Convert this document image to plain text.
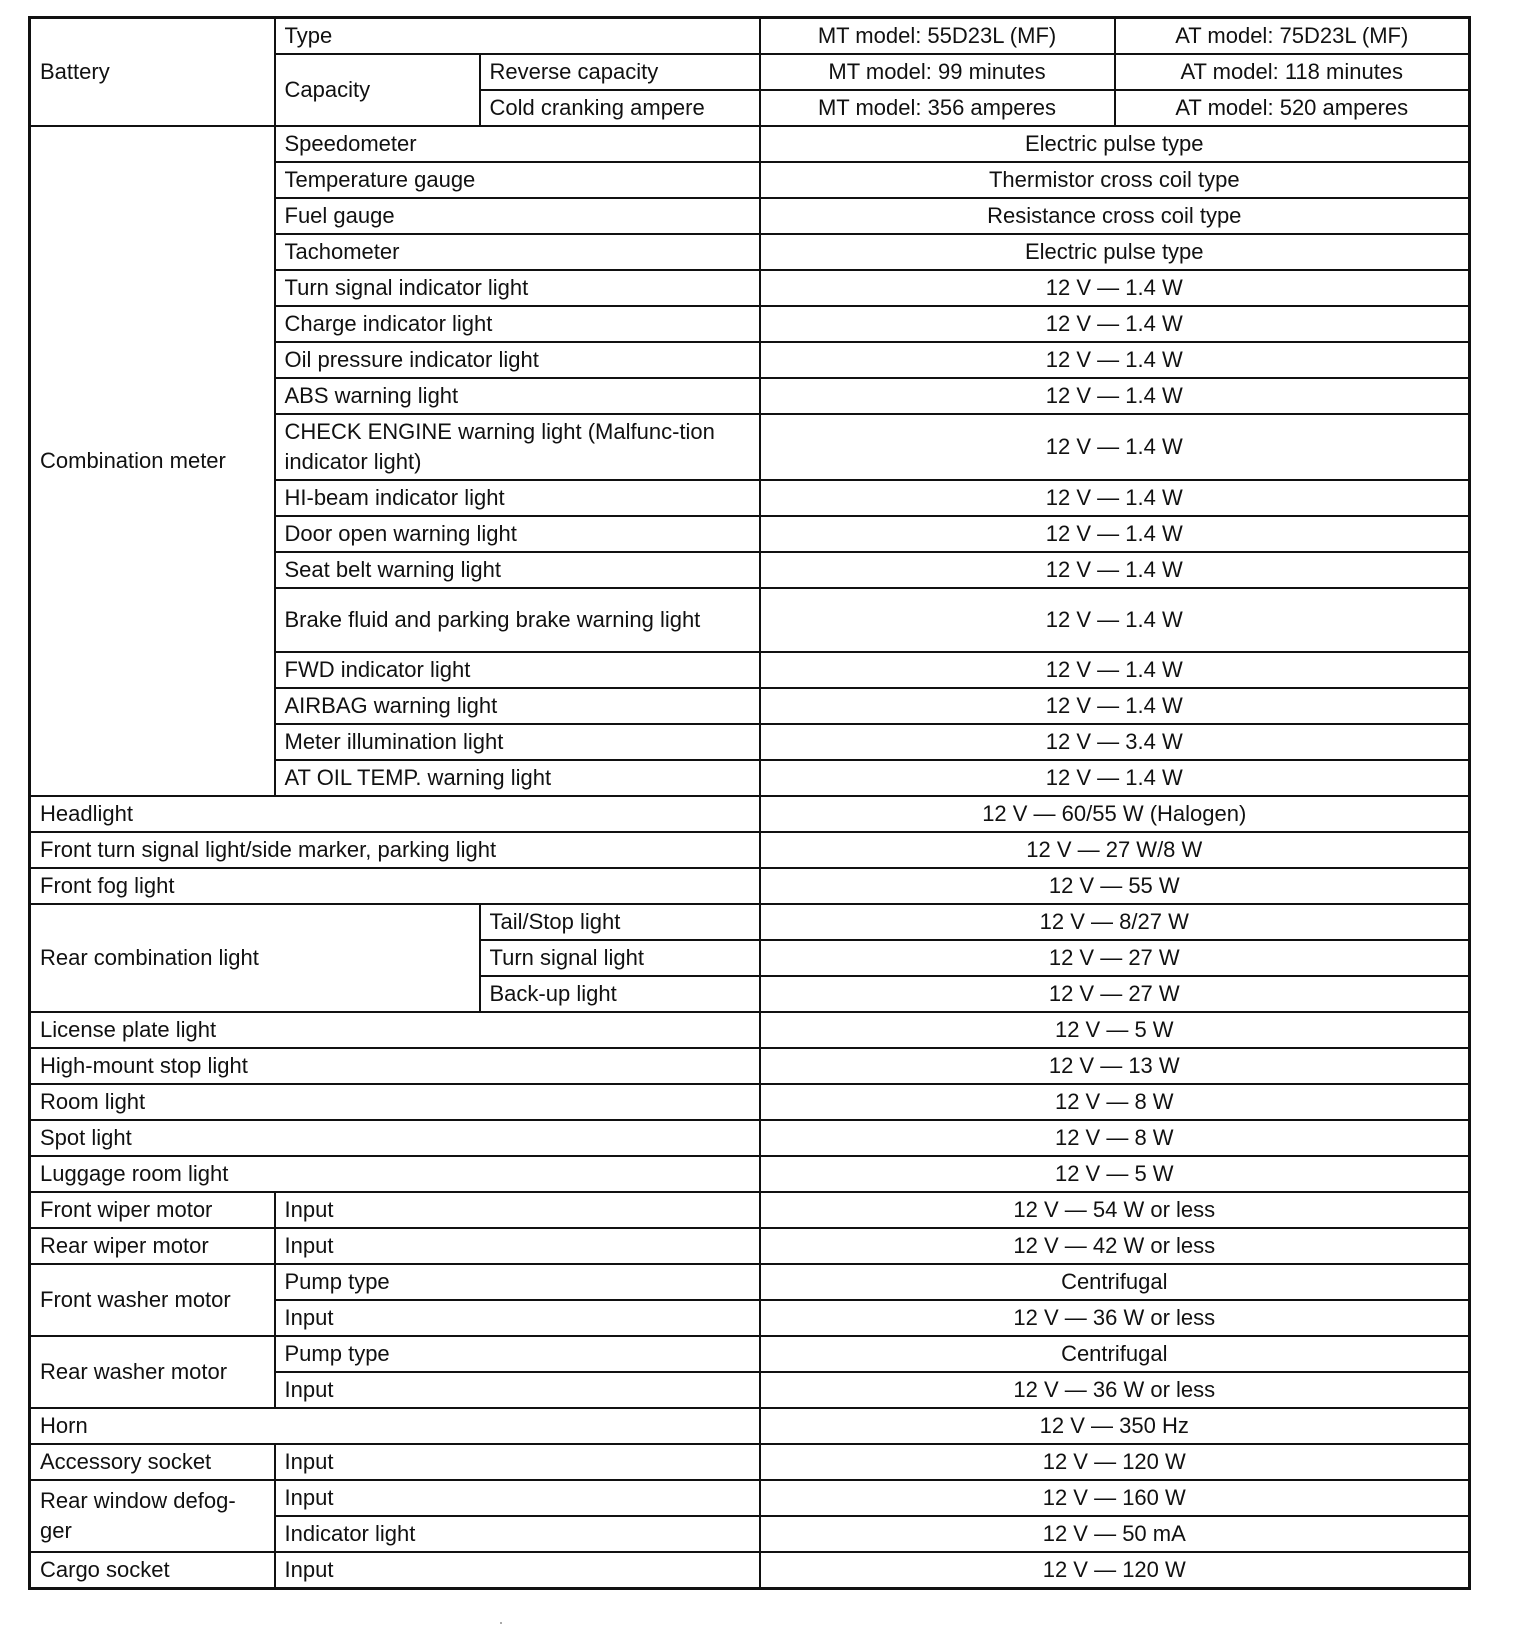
Battery	Type		MT model: 55D23L (MF)	AT model: 75D23L (MF)
	Capacity	Reverse capacity	MT model: 99 minutes	AT model: 118 minutes
		Cold cranking ampere	MT model: 356 amperes	AT model: 520 amperes
Combination meter	Speedometer		Electric pulse type	
	Temperature gauge		Thermistor cross coil type	
	Fuel gauge		Resistance cross coil type	
	Tachometer		Electric pulse type	
	Turn signal indicator light		12 V — 1.4 W	
	Charge indicator light		12 V — 1.4 W	
	Oil pressure indicator light		12 V — 1.4 W	
	ABS warning light		12 V — 1.4 W	
	CHECK ENGINE warning light (Malfunc-tion indicator light)		12 V — 1.4 W	
	HI-beam indicator light		12 V — 1.4 W	
	Door open warning light		12 V — 1.4 W	
	Seat belt warning light		12 V — 1.4 W	
	Brake fluid and parking brake warning light		12 V — 1.4 W	
	FWD indicator light		12 V — 1.4 W	
	AIRBAG warning light		12 V — 1.4 W	
	Meter illumination light		12 V — 3.4 W	
	AT OIL TEMP. warning light		12 V — 1.4 W	
Headlight			12 V — 60/55 W (Halogen)	
Front turn signal light/side marker, parking light			12 V — 27 W/8 W	
Front fog light			12 V — 55 W	
Rear combination light		Tail/Stop light	12 V — 8/27 W	
		Turn signal light	12 V — 27 W	
		Back-up light	12 V — 27 W	
License plate light			12 V — 5 W	
High-mount stop light			12 V — 13 W	
Room light			12 V — 8 W	
Spot light			12 V — 8 W	
Luggage room light			12 V — 5 W	
Front wiper motor	Input		12 V — 54 W or less	
Rear wiper motor	Input		12 V — 42 W or less	
Front washer motor	Pump type		Centrifugal	
	Input		12 V — 36 W or less	
Rear washer motor	Pump type		Centrifugal	
	Input		12 V — 36 W or less	
Horn			12 V — 350 Hz	
Accessory socket	Input		12 V — 120 W	
Rear window defog-ger	Input		12 V — 160 W	
	Indicator light		12 V — 50 mA	
Cargo socket	Input		12 V — 120 W	
